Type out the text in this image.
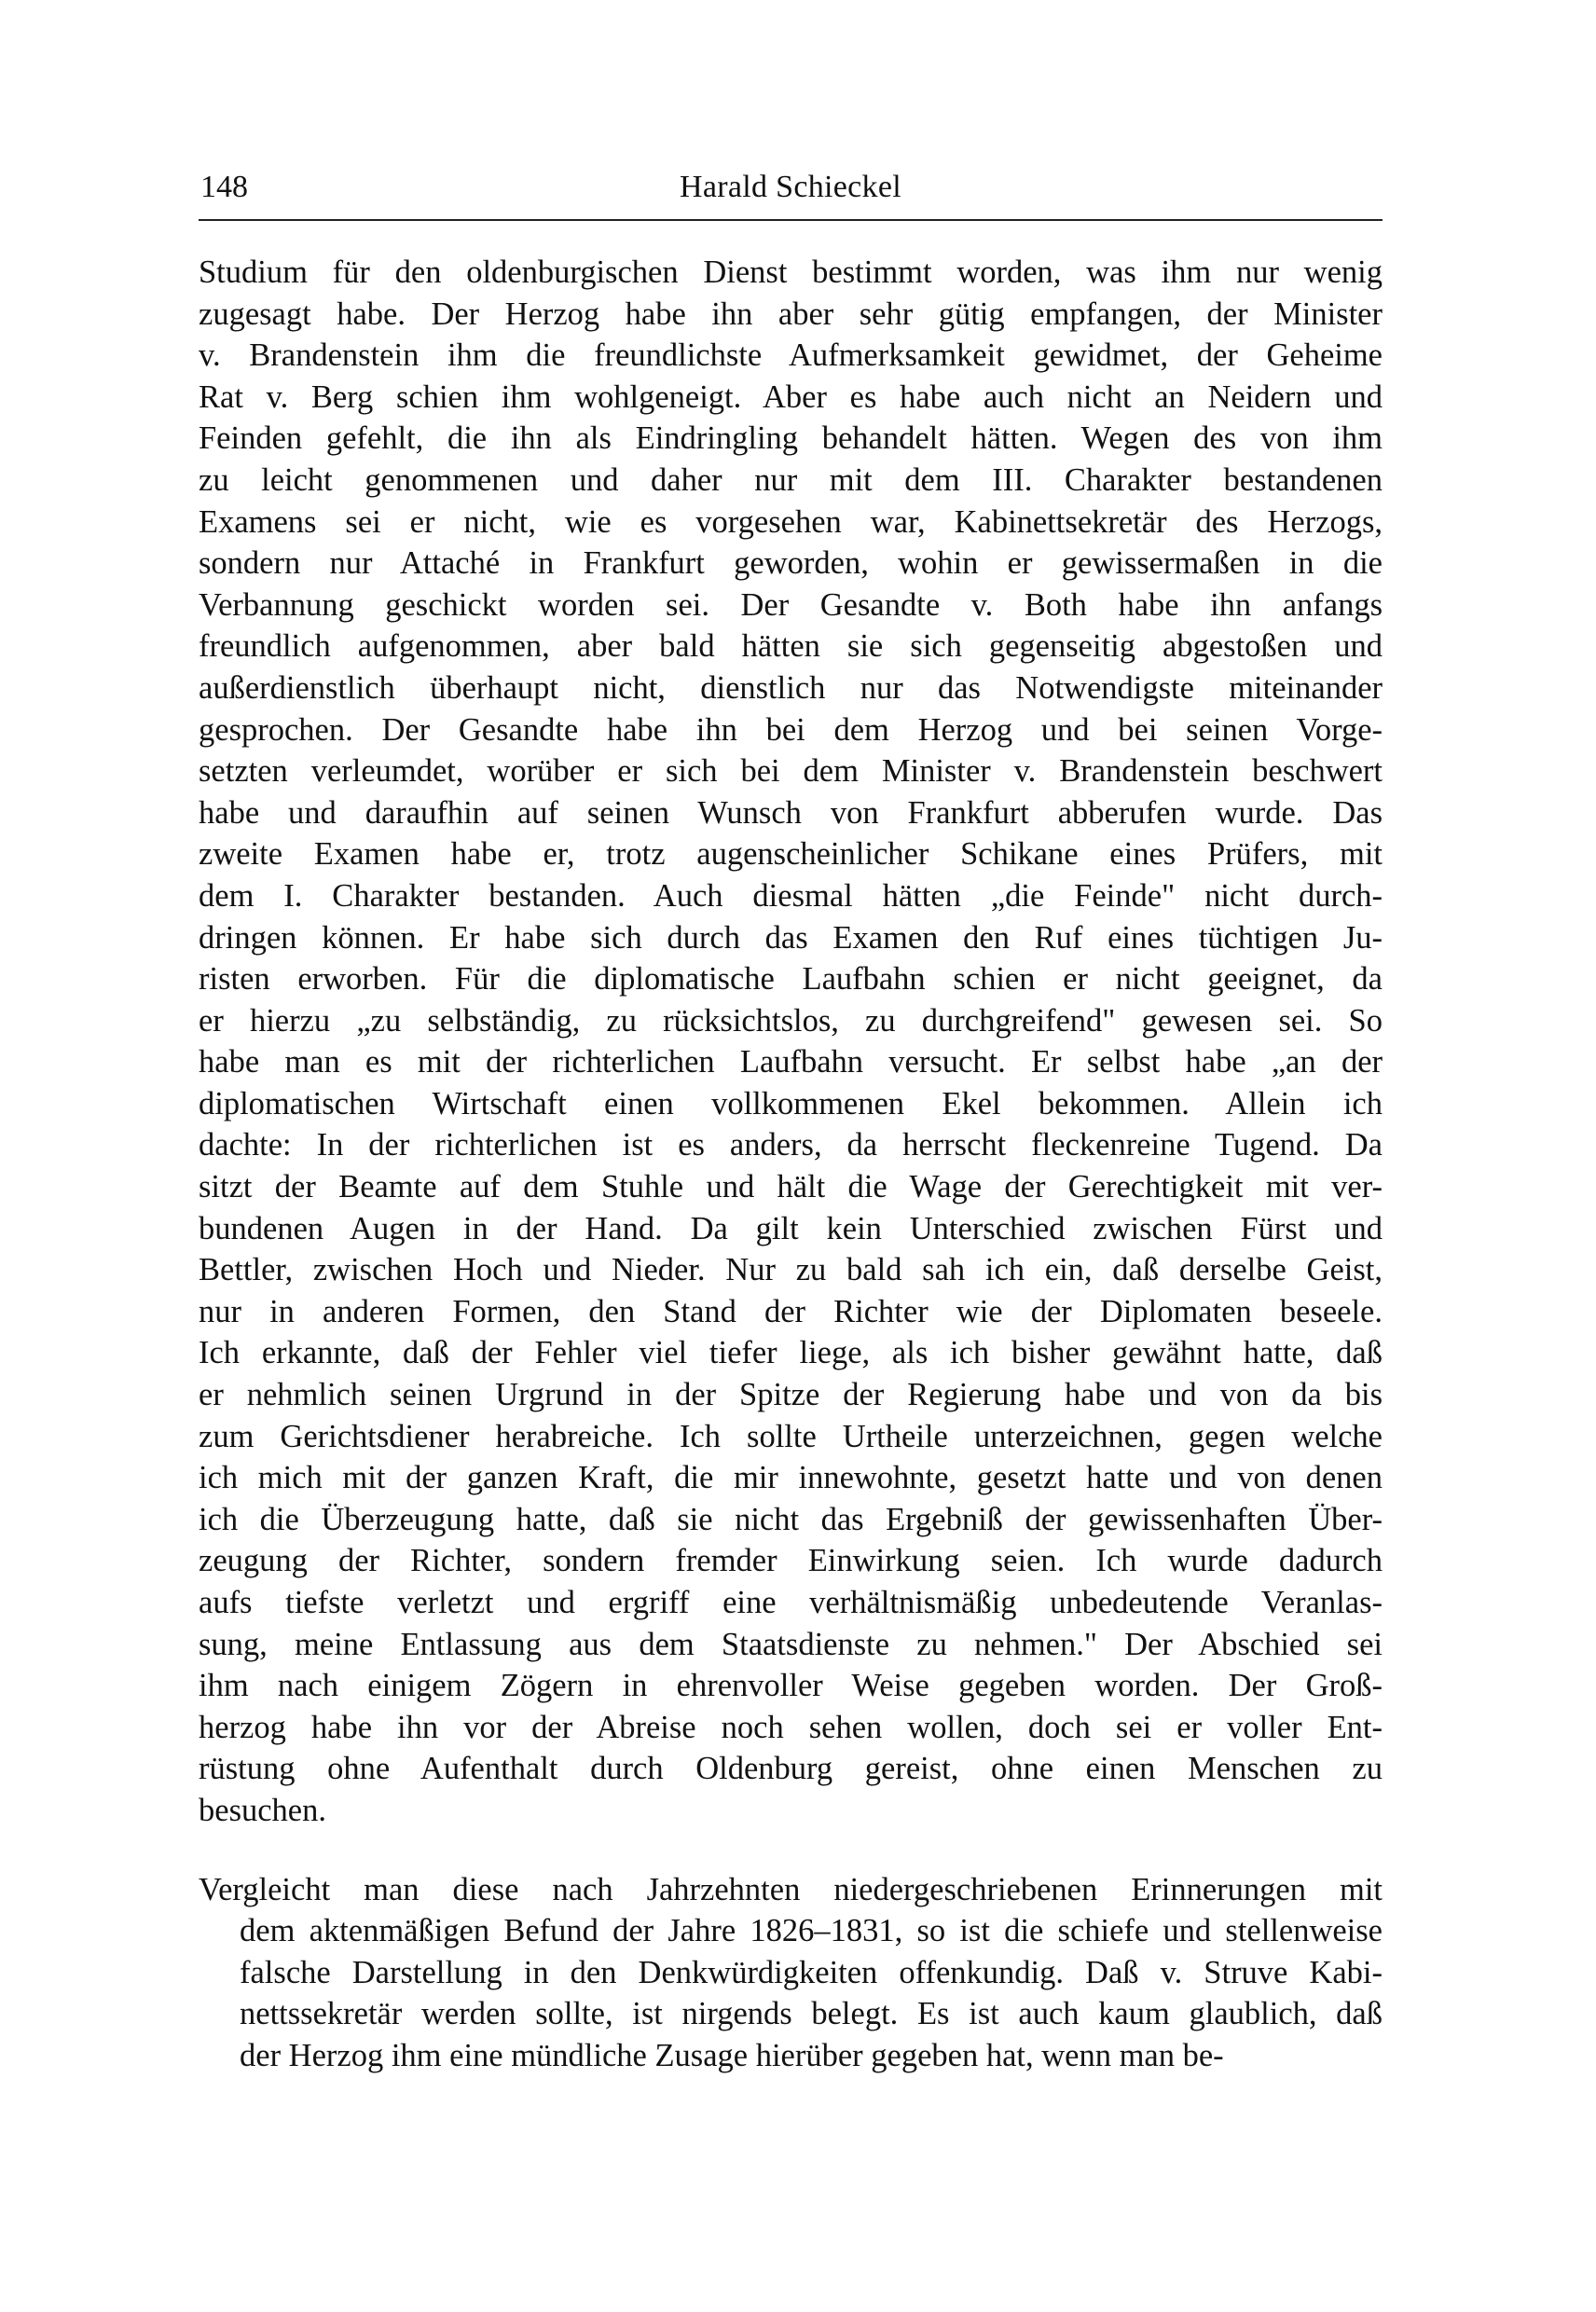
148	Harald Schieckel
Studium für den oldenburgischen Dienst bestimmt worden, was ihm nur wenig
zugesagt habe. Der Herzog habe ihn aber sehr gütig empfangen, der Minister
v. Brandenstein ihm die freundlichste Aufmerksamkeit gewidmet, der Geheime
Rat v. Berg schien ihm wohlgeneigt. Aber es habe auch nicht an Neidern und
Feinden gefehlt, die ihn als Eindringling behandelt hätten. Wegen des von ihm
zu leicht genommenen und daher nur mit dem III. Charakter bestandenen
Examens sei er nicht, wie es vorgesehen war, Kabinettsekretär des Herzogs,
sondern nur Attaché in Frankfurt geworden, wohin er gewissermaßen in die
Verbannung geschickt worden sei. Der Gesandte v. Both habe ihn anfangs
freundlich aufgenommen, aber bald hätten sie sich gegenseitig abgestoßen und
außerdienstlich überhaupt nicht, dienstlich nur das Notwendigste miteinander
gesprochen. Der Gesandte habe ihn bei dem Herzog und bei seinen Vorge-
setzten verleumdet, worüber er sich bei dem Minister v. Brandenstein beschwert
habe und daraufhin auf seinen Wunsch von Frankfurt abberufen wurde. Das
zweite Examen habe er, trotz augenscheinlicher Schikane eines Prüfers, mit
dem I. Charakter bestanden. Auch diesmal hätten „die Feinde" nicht durch-
dringen können. Er habe sich durch das Examen den Ruf eines tüchtigen Ju-
risten erworben. Für die diplomatische Laufbahn schien er nicht geeignet, da
er hierzu „zu selbständig, zu rücksichtslos, zu durchgreifend" gewesen sei. So
habe man es mit der richterlichen Laufbahn versucht. Er selbst habe „an der
diplomatischen Wirtschaft einen vollkommenen Ekel bekommen. Allein ich
dachte: In der richterlichen ist es anders, da herrscht fleckenreine Tugend. Da
sitzt der Beamte auf dem Stuhle und hält die Wage der Gerechtigkeit mit ver-
bundenen Augen in der Hand. Da gilt kein Unterschied zwischen Fürst und
Bettler, zwischen Hoch und Nieder. Nur zu bald sah ich ein, daß derselbe Geist,
nur in anderen Formen, den Stand der Richter wie der Diplomaten beseele.
Ich erkannte, daß der Fehler viel tiefer liege, als ich bisher gewähnt hatte, daß
er nehmlich seinen Urgrund in der Spitze der Regierung habe und von da bis
zum Gerichtsdiener herabreiche. Ich sollte Urtheile unterzeichnen, gegen welche
ich mich mit der ganzen Kraft, die mir innewohnte, gesetzt hatte und von denen
ich die Überzeugung hatte, daß sie nicht das Ergebniß der gewissenhaften Über-
zeugung der Richter, sondern fremder Einwirkung seien. Ich wurde dadurch
aufs tiefste verletzt und ergriff eine verhältnismäßig unbedeutende Veranlas-
sung, meine Entlassung aus dem Staatsdienste zu nehmen." Der Abschied sei
ihm nach einigem Zögern in ehrenvoller Weise gegeben worden. Der Groß-
herzog habe ihn vor der Abreise noch sehen wollen, doch sei er voller Ent-
rüstung ohne Aufenthalt durch Oldenburg gereist, ohne einen Menschen zu
besuchen.
Vergleicht man diese nach Jahrzehnten niedergeschriebenen Erinnerungen mit
dem aktenmäßigen Befund der Jahre 1826–1831, so ist die schiefe und stellenweise
falsche Darstellung in den Denkwürdigkeiten offenkundig. Daß v. Struve Kabi-
nettssekretär werden sollte, ist nirgends belegt. Es ist auch kaum glaublich, daß
der Herzog ihm eine mündliche Zusage hierüber gegeben hat, wenn man be-
